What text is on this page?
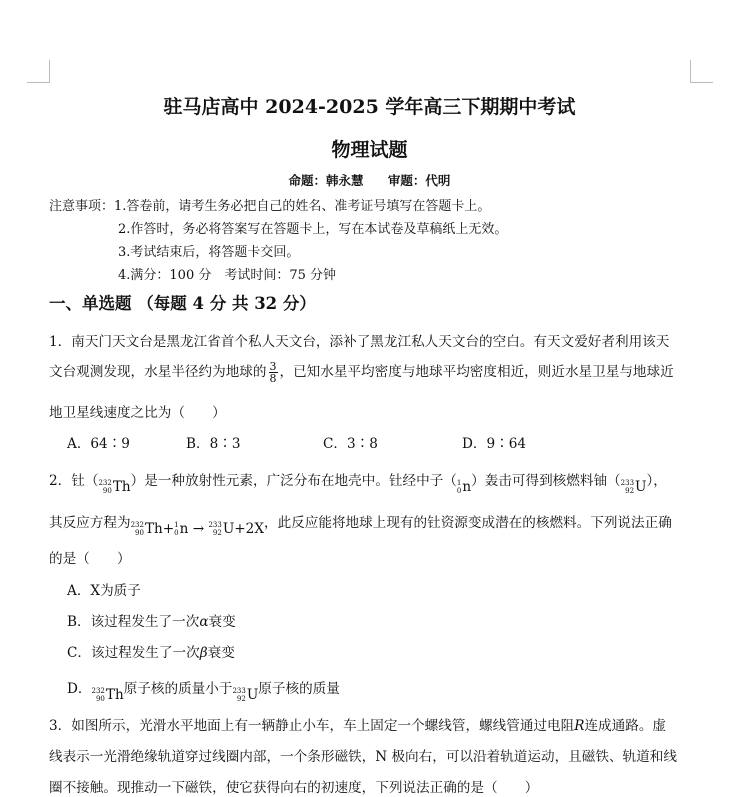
驻马店高中 2024-2025 学年高三下期期中考试
物理试题
命题：韩永慧 审题：代明
注意事项：1.答卷前，请考生务必把自己的姓名、准考证号填写在答题卡上。
2.作答时，务必将答案写在答题卡上，写在本试卷及草稿纸上无效。
3.考试结束后，将答题卡交回。
4.满分：100 分　考试时间：75 分钟
一、单选题 （每题 4 分 共 32 分）
1．南天门天文台是黑龙江省首个私人天文台，添补了黑龙江私人天文台的空白。有天文爱好者利用该天
文台观测发现，水星半径约为地球的 $\frac{3}{8}$ ，已知水星平均密度与地球平均密度相近，则近水星卫星与地球近
地卫星线速度之比为（　　）
A．64∶9	B．8∶3	C．3∶8	D．9∶64
2．钍（ 232
90 Th ）是一种放射性元素，广泛分布在地壳中。钍经中子（ 1
0 n ）轰击可得到核燃料铀（ 233
92 U ），
其反应方程为 232
90 Th + 1
0 n
→
233
92 U +2X ，此反应能将地球上现有的钍资源变成潜在的核燃料。下列说法正确
的是（　　）
A．X为质子
B．该过程发生了一次α衰变
C．该过程发生了一次β衰变
D． 232
90 Th 原子核的质量小于 233
92 U 原子核的质量
3．如图所示，光滑水平地面上有一辆静止小车，车上固定一个螺线管，螺线管通过电阻R连成通路。虚
线表示一光滑绝缘轨道穿过线圈内部，一个条形磁铁，N 极向右，可以沿着轨道运动，且磁铁、轨道和线
圈不接触。现推动一下磁铁，使它获得向右的初速度，下列说法正确的是（　　）
